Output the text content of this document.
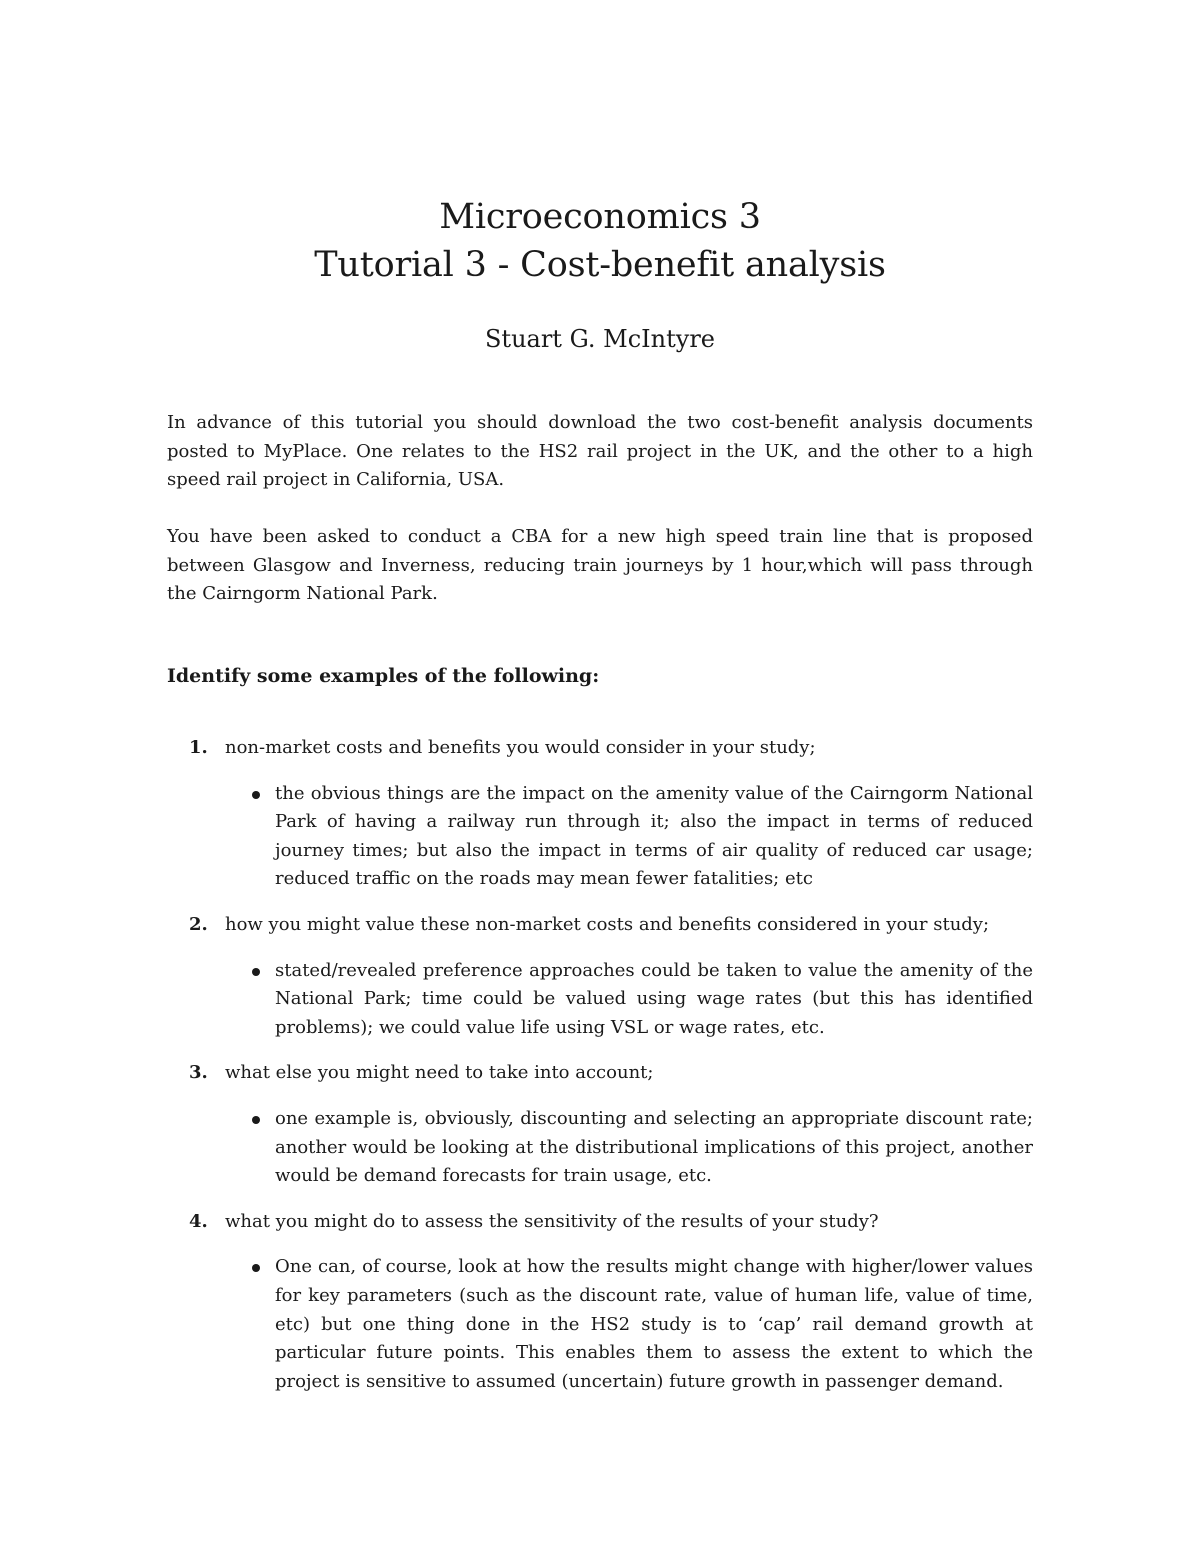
Microeconomics 3
Tutorial 3 - Cost-benefit analysis
Stuart G. McIntyre
In advance of this tutorial you should download the two cost-benefit analysis documents posted to MyPlace. One relates to the HS2 rail project in the UK, and the other to a high speed rail project in California, USA.
You have been asked to conduct a CBA for a new high speed train line that is proposed between Glasgow and Inverness, reducing train journeys by 1 hour,which will pass through the Cairngorm National Park.
Identify some examples of the following:
1. non-market costs and benefits you would consider in your study;
the obvious things are the impact on the amenity value of the Cairngorm National Park of having a railway run through it; also the impact in terms of reduced journey times; but also the impact in terms of air quality of reduced car usage; reduced traffic on the roads may mean fewer fatalities; etc
2. how you might value these non-market costs and benefits considered in your study;
stated/revealed preference approaches could be taken to value the amenity of the National Park; time could be valued using wage rates (but this has identified problems); we could value life using VSL or wage rates, etc.
3. what else you might need to take into account;
one example is, obviously, discounting and selecting an appropriate discount rate; another would be looking at the distributional implications of this project, another would be demand forecasts for train usage, etc.
4. what you might do to assess the sensitivity of the results of your study?
One can, of course, look at how the results might change with higher/lower values for key parameters (such as the discount rate, value of human life, value of time, etc) but one thing done in the HS2 study is to ‘cap’ rail demand growth at particular future points. This enables them to assess the extent to which the project is sensitive to assumed (uncertain) future growth in passenger demand.
